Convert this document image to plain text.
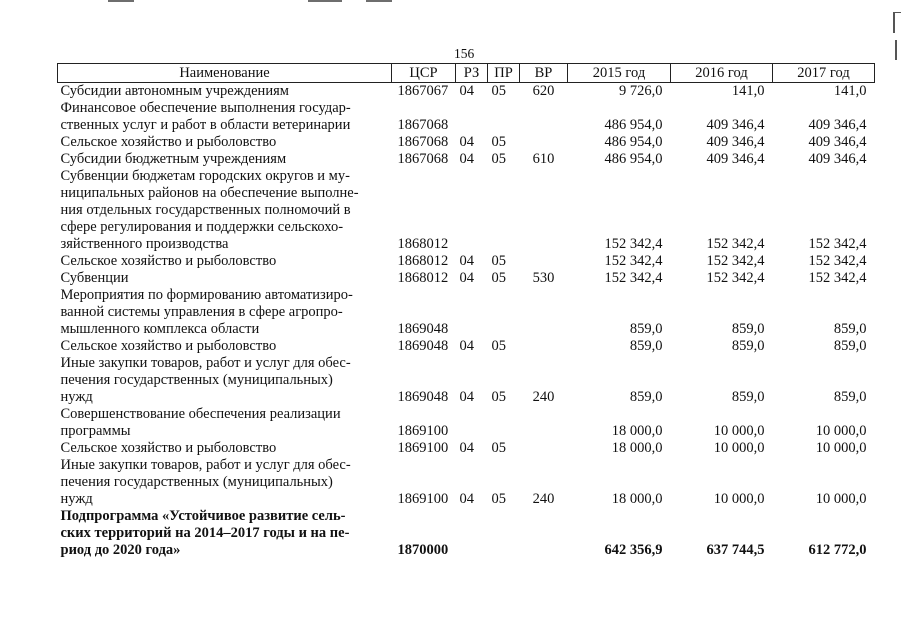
156
Наименование	ЦСР	РЗ	ПР	ВР	2015 год	2016 год	2017 год

Субсидии автономным учреждениям	1867067	04	05	620	9 726,0	141,0	141,0

Финансовое обеспечение выполнения государ-
ственных услуг и работ в области ветеринарии	1867068				486 954,0	409 346,4	409 346,4

Сельское хозяйство и рыболовство	1867068	04	05		486 954,0	409 346,4	409 346,4

Субсидии бюджетным учреждениям	1867068	04	05	610	486 954,0	409 346,4	409 346,4

Субвенции бюджетам городских округов и му-
ниципальных районов на обеспечение выполне-
ния отдельных государственных полномочий в
сфере регулирования и поддержки сельскохо-
зяйственного производства	1868012				152 342,4	152 342,4	152 342,4

Сельское хозяйство и рыболовство	1868012	04	05		152 342,4	152 342,4	152 342,4

Субвенции	1868012	04	05	530	152 342,4	152 342,4	152 342,4

Мероприятия по формированию автоматизиро-
ванной системы управления в сфере агропро-
мышленного комплекса области	1869048				859,0	859,0	859,0

Сельское хозяйство и рыболовство	1869048	04	05		859,0	859,0	859,0

Иные закупки товаров, работ и услуг для обес-
печения государственных (муниципальных)
нужд	1869048	04	05	240	859,0	859,0	859,0

Совершенствование обеспечения реализации
программы	1869100				18 000,0	10 000,0	10 000,0

Сельское хозяйство и рыболовство	1869100	04	05		18 000,0	10 000,0	10 000,0

Иные закупки товаров, работ и услуг для обес-
печения государственных (муниципальных)
нужд	1869100	04	05	240	18 000,0	10 000,0	10 000,0

Подпрограмма «Устойчивое развитие сель-
ских территорий на 2014–2017 годы и на пе-
риод до 2020 года»	1870000				642 356,9	637 744,5	612 772,0
